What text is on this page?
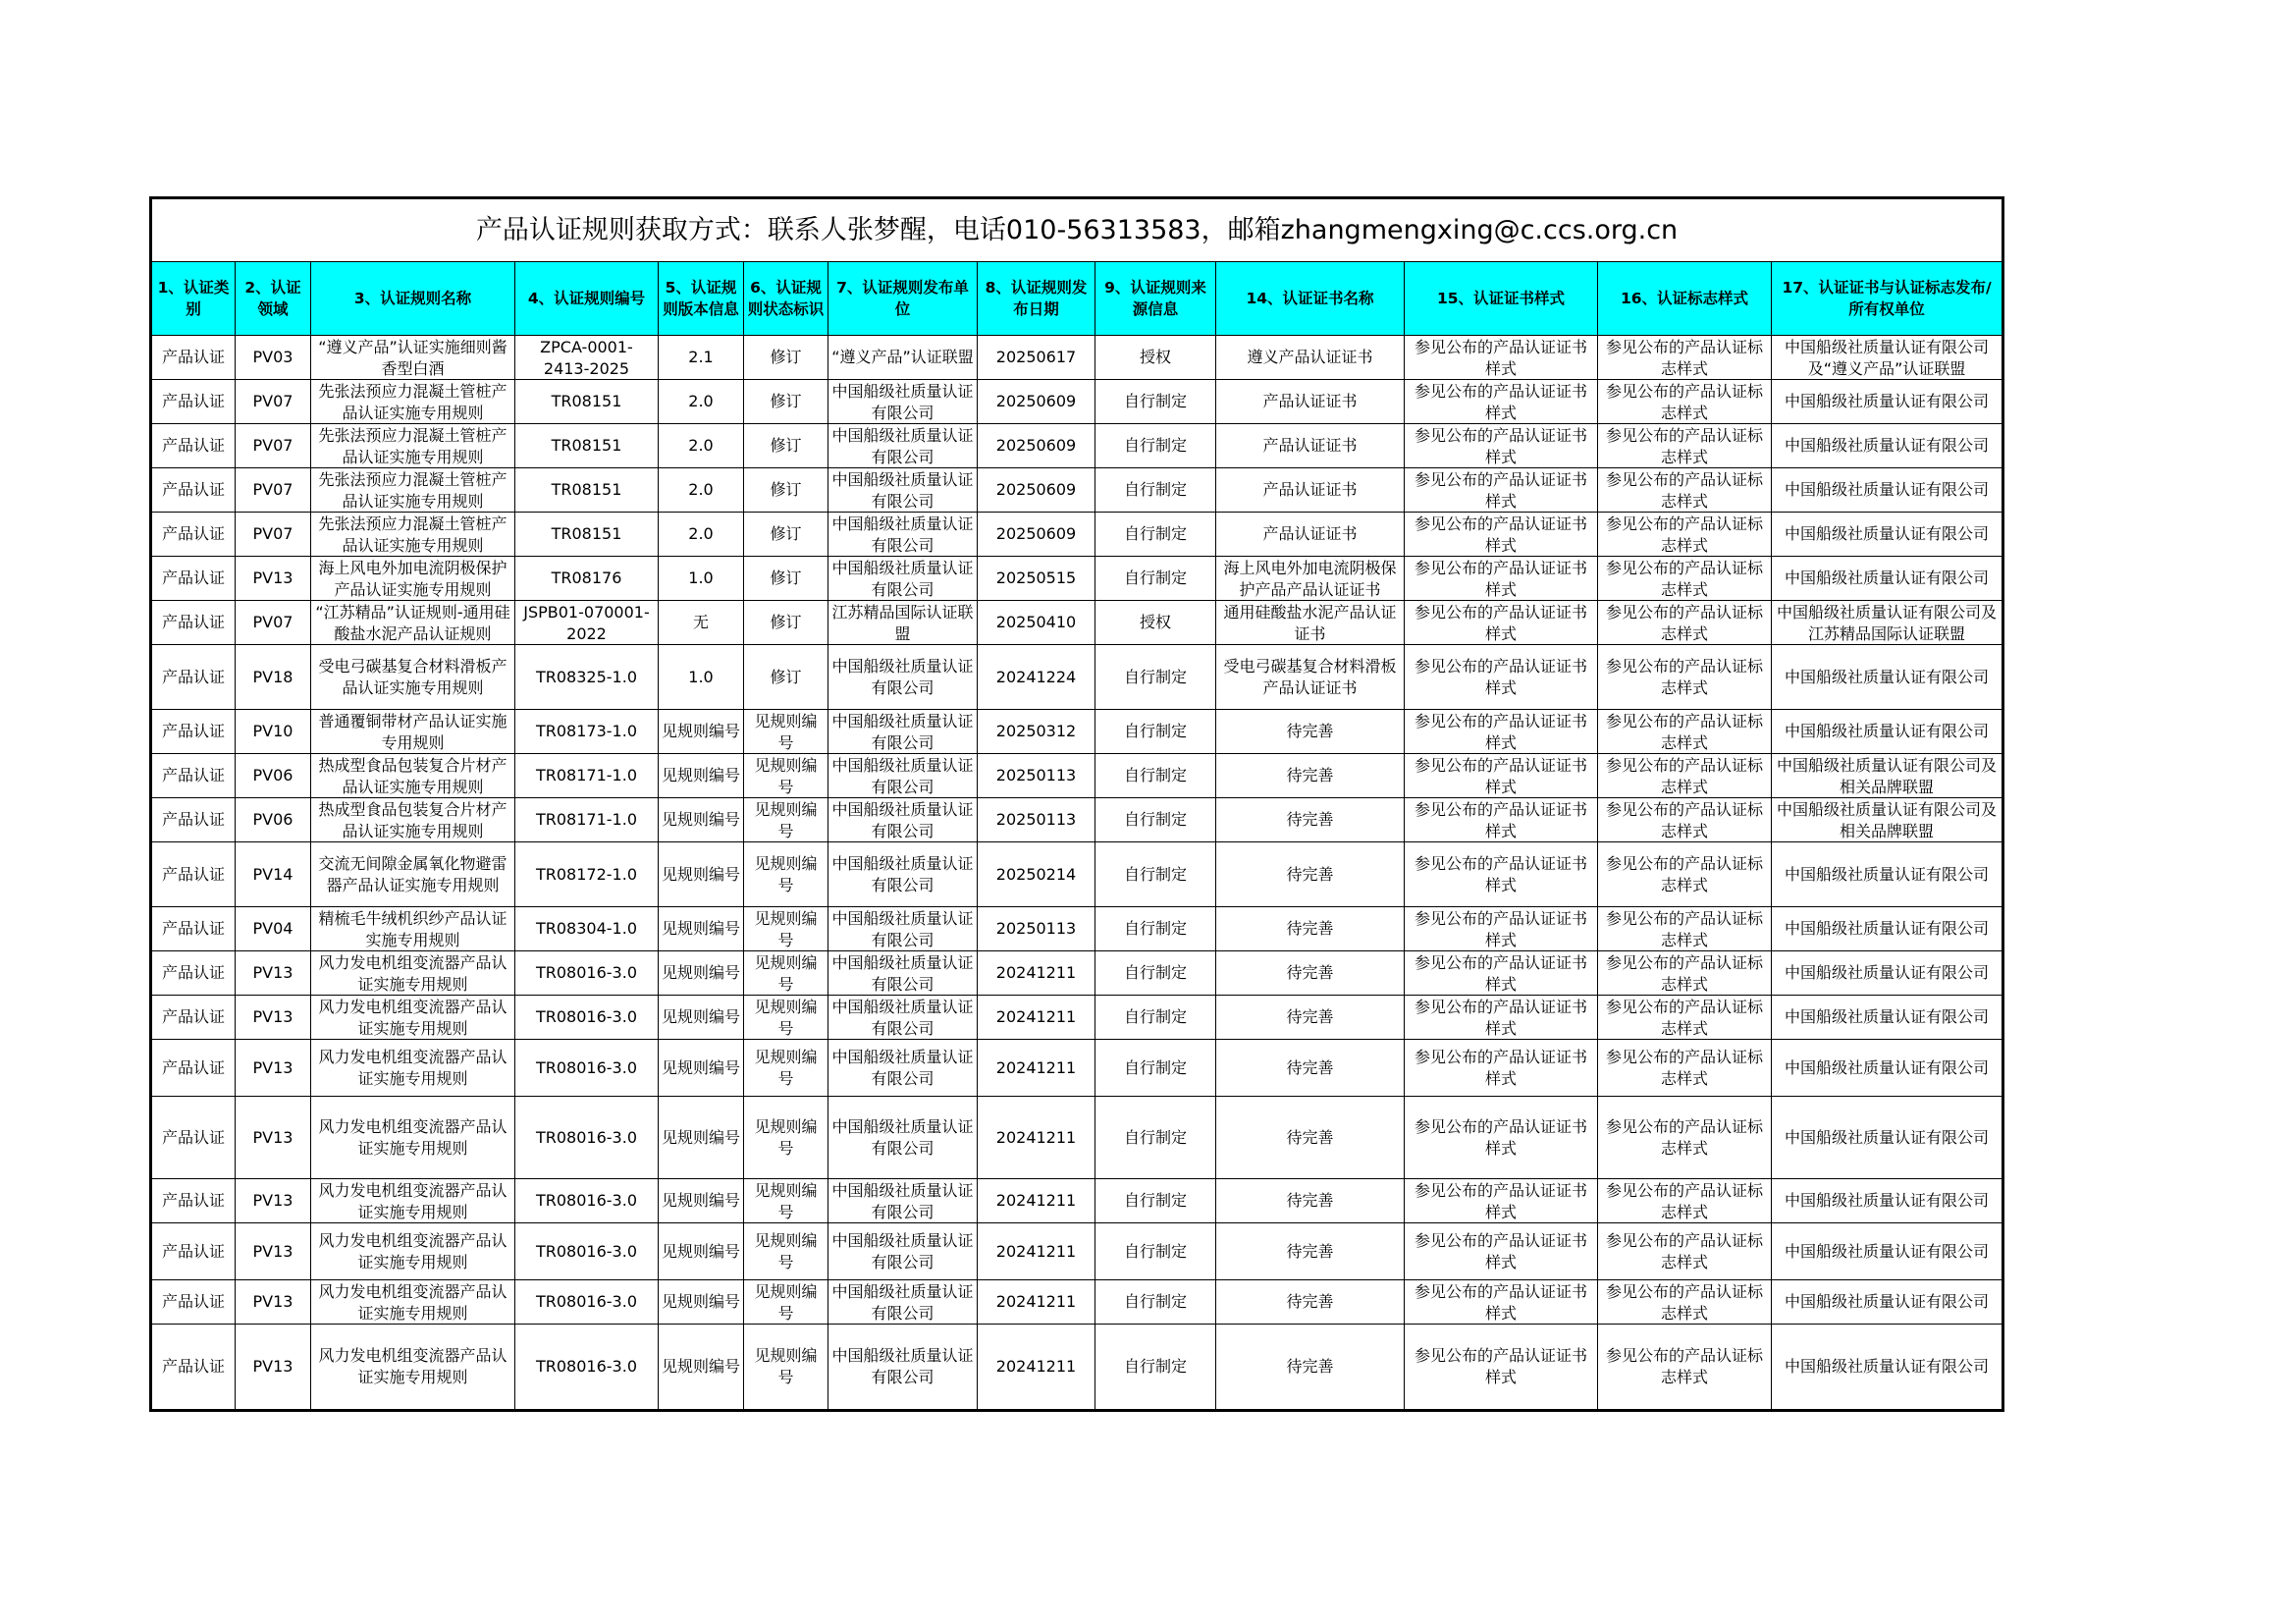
产品认证规则获取方式：联系人张梦醒，电话010-56313583，邮箱zhangmengxing@c.ccs.org.cn												
1、认证类别	2、认证领域	3、认证规则名称	4、认证规则编号	5、认证规则版本信息	6、认证规则状态标识	7、认证规则发布单位	8、认证规则发布日期	9、认证规则来源信息	14、认证证书名称	15、认证证书样式	16、认证标志样式	17、认证证书与认证标志发布/所有权单位

产品认证	PV03	“遵义产品”认证实施细则酱香型白酒	ZPCA-0001-2413-2025	2.1	修订	“遵义产品”认证联盟	20250617	授权	遵义产品认证证书	参见公布的产品认证证书样式	参见公布的产品认证标志样式	中国船级社质量认证有限公司及“遵义产品”认证联盟

产品认证	PV07	先张法预应力混凝土管桩产品认证实施专用规则	TR08151	2.0	修订	中国船级社质量认证有限公司	20250609	自行制定	产品认证证书	参见公布的产品认证证书样式	参见公布的产品认证标志样式	中国船级社质量认证有限公司

产品认证	PV07	先张法预应力混凝土管桩产品认证实施专用规则	TR08151	2.0	修订	中国船级社质量认证有限公司	20250609	自行制定	产品认证证书	参见公布的产品认证证书样式	参见公布的产品认证标志样式	中国船级社质量认证有限公司

产品认证	PV07	先张法预应力混凝土管桩产品认证实施专用规则	TR08151	2.0	修订	中国船级社质量认证有限公司	20250609	自行制定	产品认证证书	参见公布的产品认证证书样式	参见公布的产品认证标志样式	中国船级社质量认证有限公司

产品认证	PV07	先张法预应力混凝土管桩产品认证实施专用规则	TR08151	2.0	修订	中国船级社质量认证有限公司	20250609	自行制定	产品认证证书	参见公布的产品认证证书样式	参见公布的产品认证标志样式	中国船级社质量认证有限公司

产品认证	PV13	海上风电外加电流阴极保护产品认证实施专用规则	TR08176	1.0	修订	中国船级社质量认证有限公司	20250515	自行制定	海上风电外加电流阴极保护产品产品认证证书	参见公布的产品认证证书样式	参见公布的产品认证标志样式	中国船级社质量认证有限公司

产品认证	PV07	“江苏精品”认证规则-通用硅酸盐水泥产品认证规则	JSPB01-070001-2022	无	修订	江苏精品国际认证联盟	20250410	授权	通用硅酸盐水泥产品认证证书	参见公布的产品认证证书样式	参见公布的产品认证标志样式	中国船级社质量认证有限公司及江苏精品国际认证联盟

产品认证	PV18	受电弓碳基复合材料滑板产品认证实施专用规则	TR08325-1.0	1.0	修订	中国船级社质量认证有限公司	20241224	自行制定	受电弓碳基复合材料滑板产品认证证书	参见公布的产品认证证书样式	参见公布的产品认证标志样式	中国船级社质量认证有限公司

产品认证	PV10	普通覆铜带材产品认证实施专用规则	TR08173-1.0	见规则编号	见规则编号	中国船级社质量认证有限公司	20250312	自行制定	待完善	参见公布的产品认证证书样式	参见公布的产品认证标志样式	中国船级社质量认证有限公司

产品认证	PV06	热成型食品包装复合片材产品认证实施专用规则	TR08171-1.0	见规则编号	见规则编号	中国船级社质量认证有限公司	20250113	自行制定	待完善	参见公布的产品认证证书样式	参见公布的产品认证标志样式	中国船级社质量认证有限公司及相关品牌联盟

产品认证	PV06	热成型食品包装复合片材产品认证实施专用规则	TR08171-1.0	见规则编号	见规则编号	中国船级社质量认证有限公司	20250113	自行制定	待完善	参见公布的产品认证证书样式	参见公布的产品认证标志样式	中国船级社质量认证有限公司及相关品牌联盟

产品认证	PV14	交流无间隙金属氧化物避雷器产品认证实施专用规则	TR08172-1.0	见规则编号	见规则编号	中国船级社质量认证有限公司	20250214	自行制定	待完善	参见公布的产品认证证书样式	参见公布的产品认证标志样式	中国船级社质量认证有限公司

产品认证	PV04	精梳毛牛绒机织纱产品认证实施专用规则	TR08304-1.0	见规则编号	见规则编号	中国船级社质量认证有限公司	20250113	自行制定	待完善	参见公布的产品认证证书样式	参见公布的产品认证标志样式	中国船级社质量认证有限公司

产品认证	PV13	风力发电机组变流器产品认证实施专用规则	TR08016-3.0	见规则编号	见规则编号	中国船级社质量认证有限公司	20241211	自行制定	待完善	参见公布的产品认证证书样式	参见公布的产品认证标志样式	中国船级社质量认证有限公司

产品认证	PV13	风力发电机组变流器产品认证实施专用规则	TR08016-3.0	见规则编号	见规则编号	中国船级社质量认证有限公司	20241211	自行制定	待完善	参见公布的产品认证证书样式	参见公布的产品认证标志样式	中国船级社质量认证有限公司

产品认证	PV13	风力发电机组变流器产品认证实施专用规则	TR08016-3.0	见规则编号	见规则编号	中国船级社质量认证有限公司	20241211	自行制定	待完善	参见公布的产品认证证书样式	参见公布的产品认证标志样式	中国船级社质量认证有限公司

产品认证	PV13	风力发电机组变流器产品认证实施专用规则	TR08016-3.0	见规则编号	见规则编号	中国船级社质量认证有限公司	20241211	自行制定	待完善	参见公布的产品认证证书样式	参见公布的产品认证标志样式	中国船级社质量认证有限公司

产品认证	PV13	风力发电机组变流器产品认证实施专用规则	TR08016-3.0	见规则编号	见规则编号	中国船级社质量认证有限公司	20241211	自行制定	待完善	参见公布的产品认证证书样式	参见公布的产品认证标志样式	中国船级社质量认证有限公司

产品认证	PV13	风力发电机组变流器产品认证实施专用规则	TR08016-3.0	见规则编号	见规则编号	中国船级社质量认证有限公司	20241211	自行制定	待完善	参见公布的产品认证证书样式	参见公布的产品认证标志样式	中国船级社质量认证有限公司

产品认证	PV13	风力发电机组变流器产品认证实施专用规则	TR08016-3.0	见规则编号	见规则编号	中国船级社质量认证有限公司	20241211	自行制定	待完善	参见公布的产品认证证书样式	参见公布的产品认证标志样式	中国船级社质量认证有限公司

产品认证	PV13	风力发电机组变流器产品认证实施专用规则	TR08016-3.0	见规则编号	见规则编号	中国船级社质量认证有限公司	20241211	自行制定	待完善	参见公布的产品认证证书样式	参见公布的产品认证标志样式	中国船级社质量认证有限公司
